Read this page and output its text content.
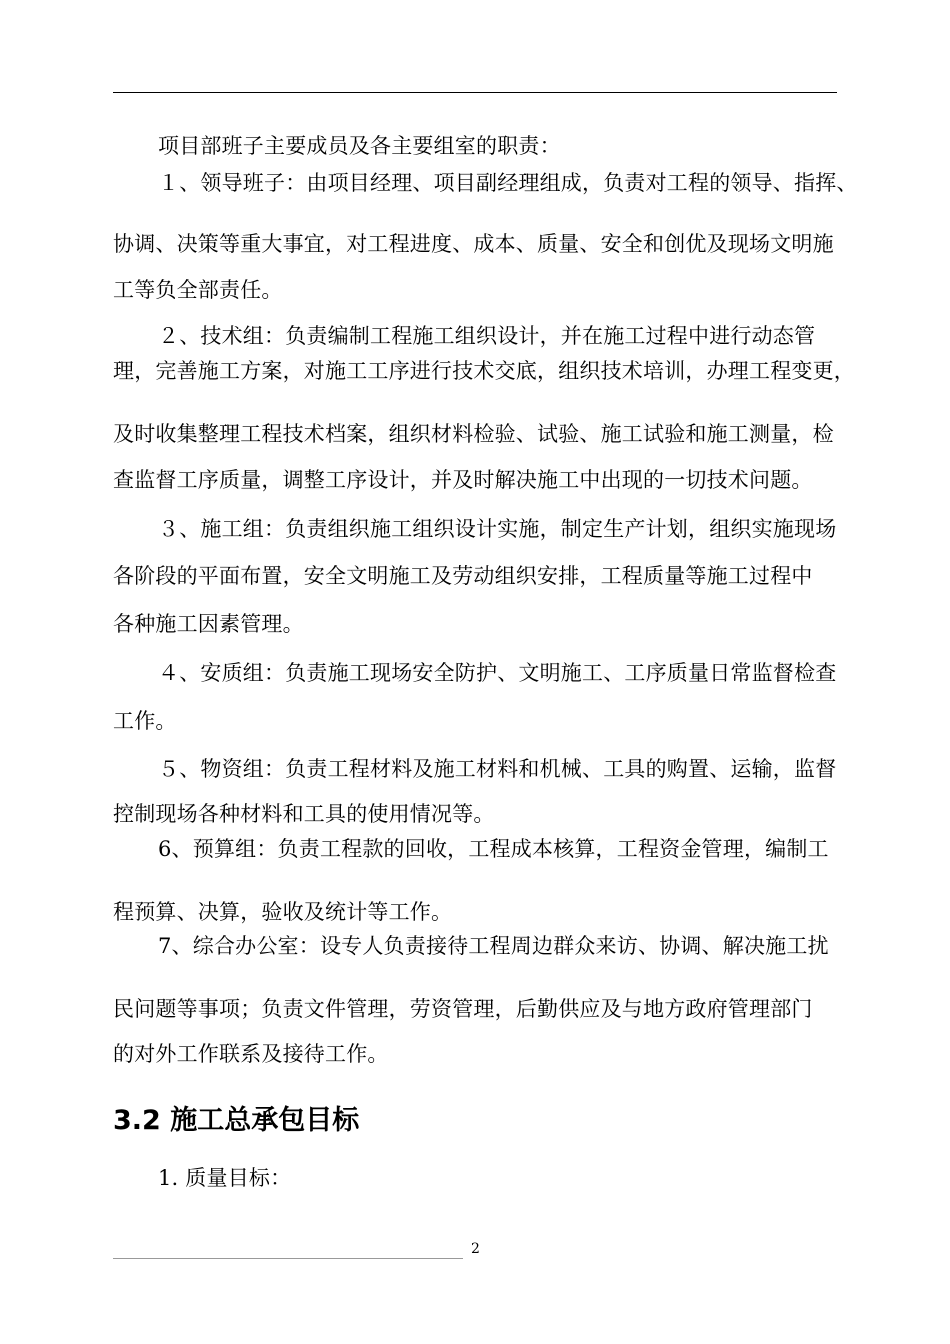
项目部班子主要成员及各主要组室的职责：
１、领导班子：由项目经理、项目副经理组成，负责对工程的领导、指挥、
协调、决策等重大事宜，对工程进度、成本、质量、安全和创优及现场文明施
工等负全部责任。
２、技术组：负责编制工程施工组织设计，并在施工过程中进行动态管
理，完善施工方案，对施工工序进行技术交底，组织技术培训，办理工程变更，
及时收集整理工程技术档案，组织材料检验、试验、施工试验和施工测量，检
查监督工序质量，调整工序设计，并及时解决施工中出现的一切技术问题。
３、施工组：负责组织施工组织设计实施，制定生产计划，组织实施现场
各阶段的平面布置，安全文明施工及劳动组织安排，工程质量等施工过程中
各种施工因素管理。
４、安质组：负责施工现场安全防护、文明施工、工序质量日常监督检查
工作。
５、物资组：负责工程材料及施工材料和机械、工具的购置、运输，监督
控制现场各种材料和工具的使用情况等。
6、预算组：负责工程款的回收，工程成本核算，工程资金管理，编制工
程预算、决算，验收及统计等工作。
7、综合办公室：设专人负责接待工程周边群众来访、协调、解决施工扰
民问题等事项；负责文件管理，劳资管理，后勤供应及与地方政府管理部门
的对外工作联系及接待工作。
3.2 施工总承包目标
1. 质量目标：
2
